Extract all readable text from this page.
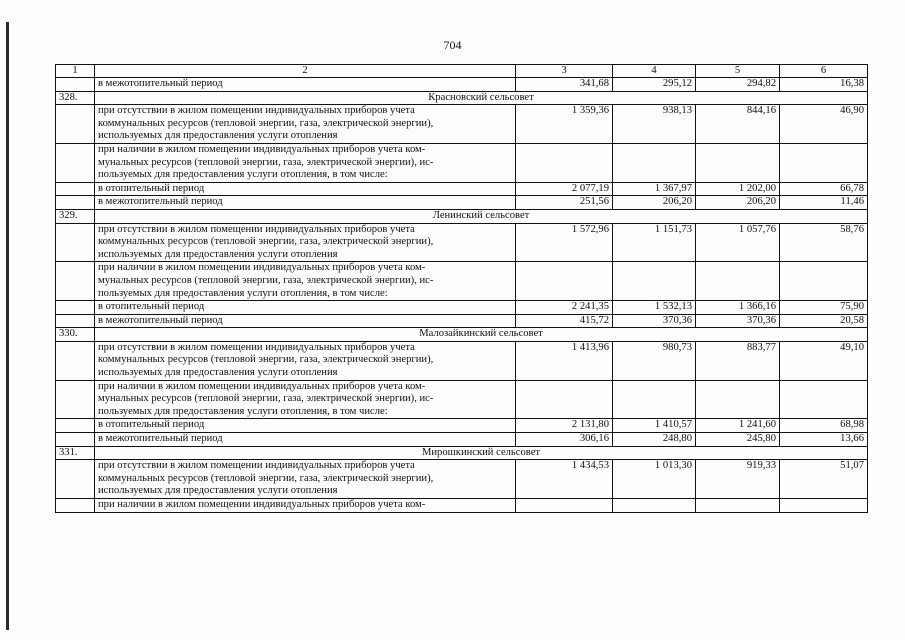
704
1	2	3	4	5	6
	в межотопительный период	341,68	295,12	294,82	16,38
328.	Красновский сельсовет				

	при отсутствии в жилом помещении индивидуальных приборов учета
коммунальных ресурсов (тепловой энергии, газа, электрической энергии),
используемых для предоставления услуги отопления	1 359,36	938,13	844,16	46,90

	при наличии в жилом помещении индивидуальных приборов учета ком-
мунальных ресурсов (тепловой энергии, газа, электрической энергии), ис-
пользуемых для предоставления услуги отопления, в том числе:				

	в отопительный период	2 077,19	1 367,97	1 202,00	66,78
	в межотопительный период	251,56	206,20	206,20	11,46
329.	Ленинский сельсовет				

	при отсутствии в жилом помещении индивидуальных приборов учета
коммунальных ресурсов (тепловой энергии, газа, электрической энергии),
используемых для предоставления услуги отопления	1 572,96	1 151,73	1 057,76	58,76

	при наличии в жилом помещении индивидуальных приборов учета ком-
мунальных ресурсов (тепловой энергии, газа, электрической энергии), ис-
пользуемых для предоставления услуги отопления, в том числе:				

	в отопительный период	2 241,35	1 532,13	1 366,16	75,90
	в межотопительный период	415,72	370,36	370,36	20,58
330.	Малозайкинский сельсовет				

	при отсутствии в жилом помещении индивидуальных приборов учета
коммунальных ресурсов (тепловой энергии, газа, электрической энергии),
используемых для предоставления услуги отопления	1 413,96	980,73	883,77	49,10

	при наличии в жилом помещении индивидуальных приборов учета ком-
мунальных ресурсов (тепловой энергии, газа, электрической энергии), ис-
пользуемых для предоставления услуги отопления, в том числе:				

	в отопительный период	2 131,80	1 410,57	1 241,60	68,98
	в межотопительный период	306,16	248,80	245,80	13,66
331.	Мирошкинский сельсовет				

	при отсутствии в жилом помещении индивидуальных приборов учета
коммунальных ресурсов (тепловой энергии, газа, электрической энергии),
используемых для предоставления услуги отопления	1 434,53	1 013,30	919,33	51,07

	при наличии в жилом помещении индивидуальных приборов учета ком-				
